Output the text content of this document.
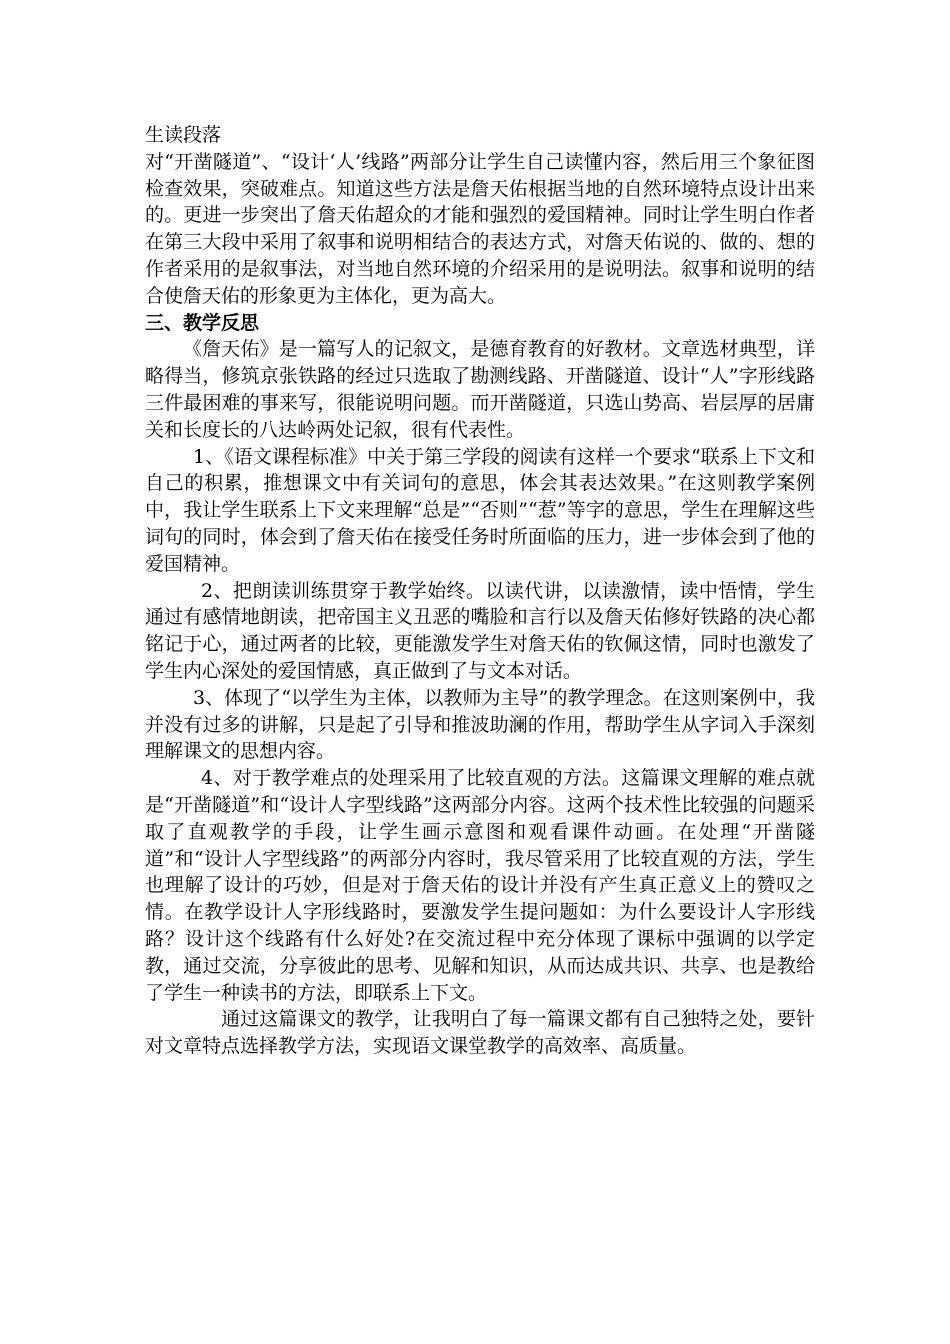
生读段落

对“开凿隧道”、“设计‘人’线路”两部分让学生自己读懂内容，然后用三个象征图检查效果，突破难点。知道这些方法是詹天佑根据当地的自然环境特点设计出来的。更进一步突出了詹天佑超众的才能和强烈的爱国精神。同时让学生明白作者在第三大段中采用了叙事和说明相结合的表达方式，对詹天佑说的、做的、想的作者采用的是叙事法，对当地自然环境的介绍采用的是说明法。叙事和说明的结合使詹天佑的形象更为主体化，更为高大。

三、教学反思

《詹天佑》是一篇写人的记叙文，是德育教育的好教材。文章选材典型，详略得当，修筑京张铁路的经过只选取了勘测线路、开凿隧道、设计“人”字形线路三件最困难的事来写，很能说明问题。而开凿隧道，只选山势高、岩层厚的居庸关和长度长的八达岭两处记叙，很有代表性。

1、《语文课程标准》中关于第三学段的阅读有这样一个要求“联系上下文和自己的积累，推想课文中有关词句的意思，体会其表达效果。”在这则教学案例中，我让学生联系上下文来理解“总是”“否则”“惹”等字的意思，学生在理解这些词句的同时，体会到了詹天佑在接受任务时所面临的压力，进一步体会到了他的爱国精神。

2、把朗读训练贯穿于教学始终。以读代讲，以读激情，读中悟情，学生通过有感情地朗读，把帝国主义丑恶的嘴脸和言行以及詹天佑修好铁路的决心都铭记于心，通过两者的比较，更能激发学生对詹天佑的钦佩这情，同时也激发了学生内心深处的爱国情感，真正做到了与文本对话。

3、体现了“以学生为主体，以教师为主导”的教学理念。在这则案例中，我并没有过多的讲解，只是起了引导和推波助澜的作用，帮助学生从字词入手深刻理解课文的思想内容。

4、对于教学难点的处理采用了比较直观的方法。这篇课文理解的难点就是“开凿隧道”和“设计人字型线路”这两部分内容。这两个技术性比较强的问题采取了直观教学的手段，让学生画示意图和观看课件动画。在处理“开凿隧道”和“设计人字型线路”的两部分内容时，我尽管采用了比较直观的方法，学生也理解了设计的巧妙，但是对于詹天佑的设计并没有产生真正意义上的赞叹之情。在教学设计人字形线路时，要激发学生提问题如：为什么要设计人字形线路？设计这个线路有什么好处?在交流过程中充分体现了课标中强调的以学定教，通过交流，分享彼此的思考、见解和知识，从而达成共识、共享、也是教给了学生一种读书的方法，即联系上下文。

通过这篇课文的教学，让我明白了每一篇课文都有自己独特之处，要针对文章特点选择教学方法，实现语文课堂教学的高效率、高质量。
